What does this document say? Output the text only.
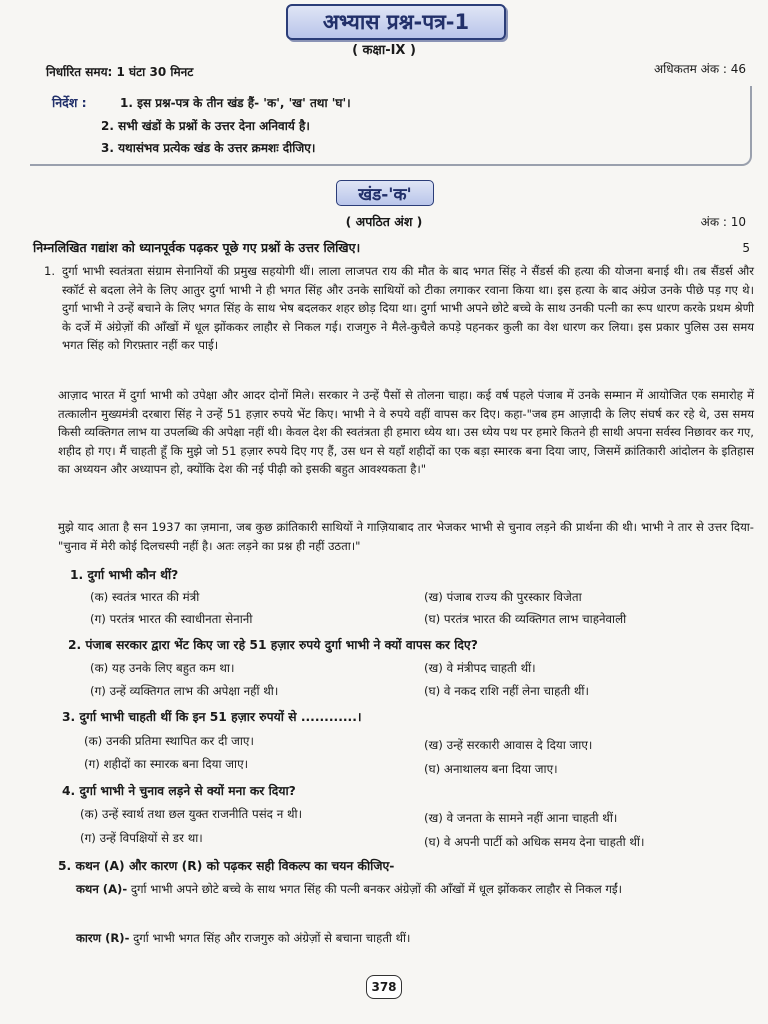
अभ्यास प्रश्न-पत्र-1
( कक्षा-IX )
निर्धारित समय: 1 घंटा 30 मिनट	अधिकतम अंक : 46
निर्देश :	1. इस प्रश्न-पत्र के तीन खंड हैं- 'क', 'ख' तथा 'घ'।
2. सभी खंडों के प्रश्नों के उत्तर देना अनिवार्य है।
3. यथासंभव प्रत्येक खंड के उत्तर क्रमशः दीजिए।
खंड-'क'
( अपठित अंश )	अंक : 10
निम्नलिखित गद्यांश को ध्यानपूर्वक पढ़कर पूछे गए प्रश्नों के उत्तर लिखिए।	5
1. दुर्गा भाभी स्वतंत्रता संग्राम सेनानियों की प्रमुख सहयोगी थीं। लाला लाजपत राय की मौत के बाद भगत सिंह ने सैंडर्स की हत्या की योजना बनाई थी। तब सैंडर्स और स्कॉर्ट से बदला लेने के लिए आतुर दुर्गा भाभी ने ही भगत सिंह और उनके साथियों को टीका लगाकर रवाना किया था। इस हत्या के बाद अंग्रेज उनके पीछे पड़ गए थे। दुर्गा भाभी ने उन्हें बचाने के लिए भगत सिंह के साथ भेष बदलकर शहर छोड़ दिया था। दुर्गा भाभी अपने छोटे बच्चे के साथ उनकी पत्नी का रूप धारण करके प्रथम श्रेणी के दर्जे में अंग्रेज़ों की आँखों में धूल झोंककर लाहौर से निकल गई। राजगुरु ने मैले-कुचैले कपड़े पहनकर कुली का वेश धारण कर लिया। इस प्रकार पुलिस उस समय भगत सिंह को गिरफ़्तार नहीं कर पाई।
आज़ाद भारत में दुर्गा भाभी को उपेक्षा और आदर दोनों मिले। सरकार ने उन्हें पैसों से तोलना चाहा। कई वर्ष पहले पंजाब में उनके सम्मान में आयोजित एक समारोह में तत्कालीन मुख्यमंत्री दरबारा सिंह ने उन्हें 51 हज़ार रुपये भेंट किए। भाभी ने वे रुपये वहीं वापस कर दिए। कहा-"जब हम आज़ादी के लिए संघर्ष कर रहे थे, उस समय किसी व्यक्तिगत लाभ या उपलब्धि की अपेक्षा नहीं थी। केवल देश की स्वतंत्रता ही हमारा ध्येय था। उस ध्येय पथ पर हमारे कितने ही साथी अपना सर्वस्व निछावर कर गए, शहीद हो गए। मैं चाहती हूँ कि मुझे जो 51 हज़ार रुपये दिए गए हैं, उस धन से यहाँ शहीदों का एक बड़ा स्मारक बना दिया जाए, जिसमें क्रांतिकारी आंदोलन के इतिहास का अध्ययन और अध्यापन हो, क्योंकि देश की नई पीढ़ी को इसकी बहुत आवश्यकता है।"
मुझे याद आता है सन 1937 का ज़माना, जब कुछ क्रांतिकारी साथियों ने गाज़ियाबाद तार भेजकर भाभी से चुनाव लड़ने की प्रार्थना की थी। भाभी ने तार से उत्तर दिया-"चुनाव में मेरी कोई दिलचस्पी नहीं है। अतः लड़ने का प्रश्न ही नहीं उठता।"
1. दुर्गा भाभी कौन थीं?
(क) स्वतंत्र भारत की मंत्री	(ख) पंजाब राज्य की पुरस्कार विजेता
(ग) परतंत्र भारत की स्वाधीनता सेनानी	(घ) परतंत्र भारत की व्यक्तिगत लाभ चाहनेवाली
2. पंजाब सरकार द्वारा भेंट किए जा रहे 51 हज़ार रुपये दुर्गा भाभी ने क्यों वापस कर दिए?
(क) यह उनके लिए बहुत कम था।	(ख) वे मंत्रीपद चाहती थीं।
(ग) उन्हें व्यक्तिगत लाभ की अपेक्षा नहीं थी।	(घ) वे नकद राशि नहीं लेना चाहती थीं।
3. दुर्गा भाभी चाहती थीं कि इन 51 हज़ार रुपयों से ............।
(क) उनकी प्रतिमा स्थापित कर दी जाए।	(ख) उन्हें सरकारी आवास दे दिया जाए।
(ग) शहीदों का स्मारक बना दिया जाए।	(घ) अनाथालय बना दिया जाए।
4. दुर्गा भाभी ने चुनाव लड़ने से क्यों मना कर दिया?
(क) उन्हें स्वार्थ तथा छल युक्त राजनीति पसंद न थी।	(ख) वे जनता के सामने नहीं आना चाहती थीं।
(ग) उन्हें विपक्षियों से डर था।	(घ) वे अपनी पार्टी को अधिक समय देना चाहती थीं।
5. कथन (A) और कारण (R) को पढ़कर सही विकल्प का चयन कीजिए-
कथन (A)- दुर्गा भाभी अपने छोटे बच्चे के साथ भगत सिंह की पत्नी बनकर अंग्रेज़ों की आँखों में धूल झोंककर लाहौर से निकल गईं।
कारण (R)- दुर्गा भाभी भगत सिंह और राजगुरु को अंग्रेज़ों से बचाना चाहती थीं।
378
